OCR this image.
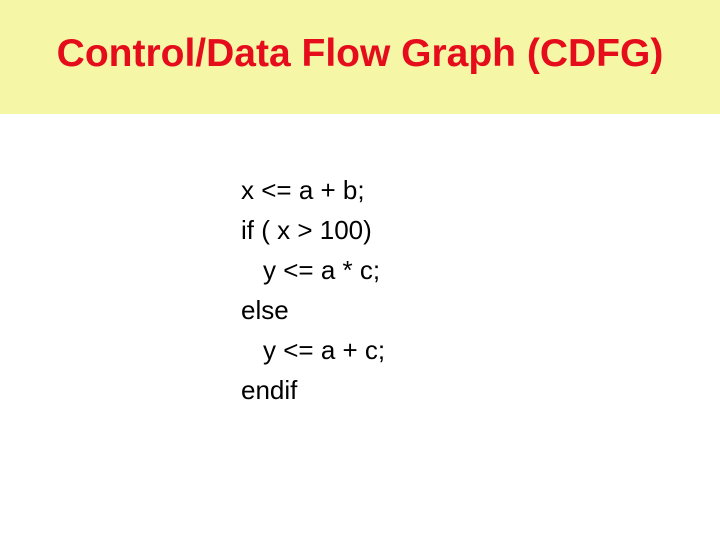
Control/Data Flow Graph (CDFG)
x <= a + b;
if ( x > 100)
y <= a * c;
else
y <= a + c;
endif
